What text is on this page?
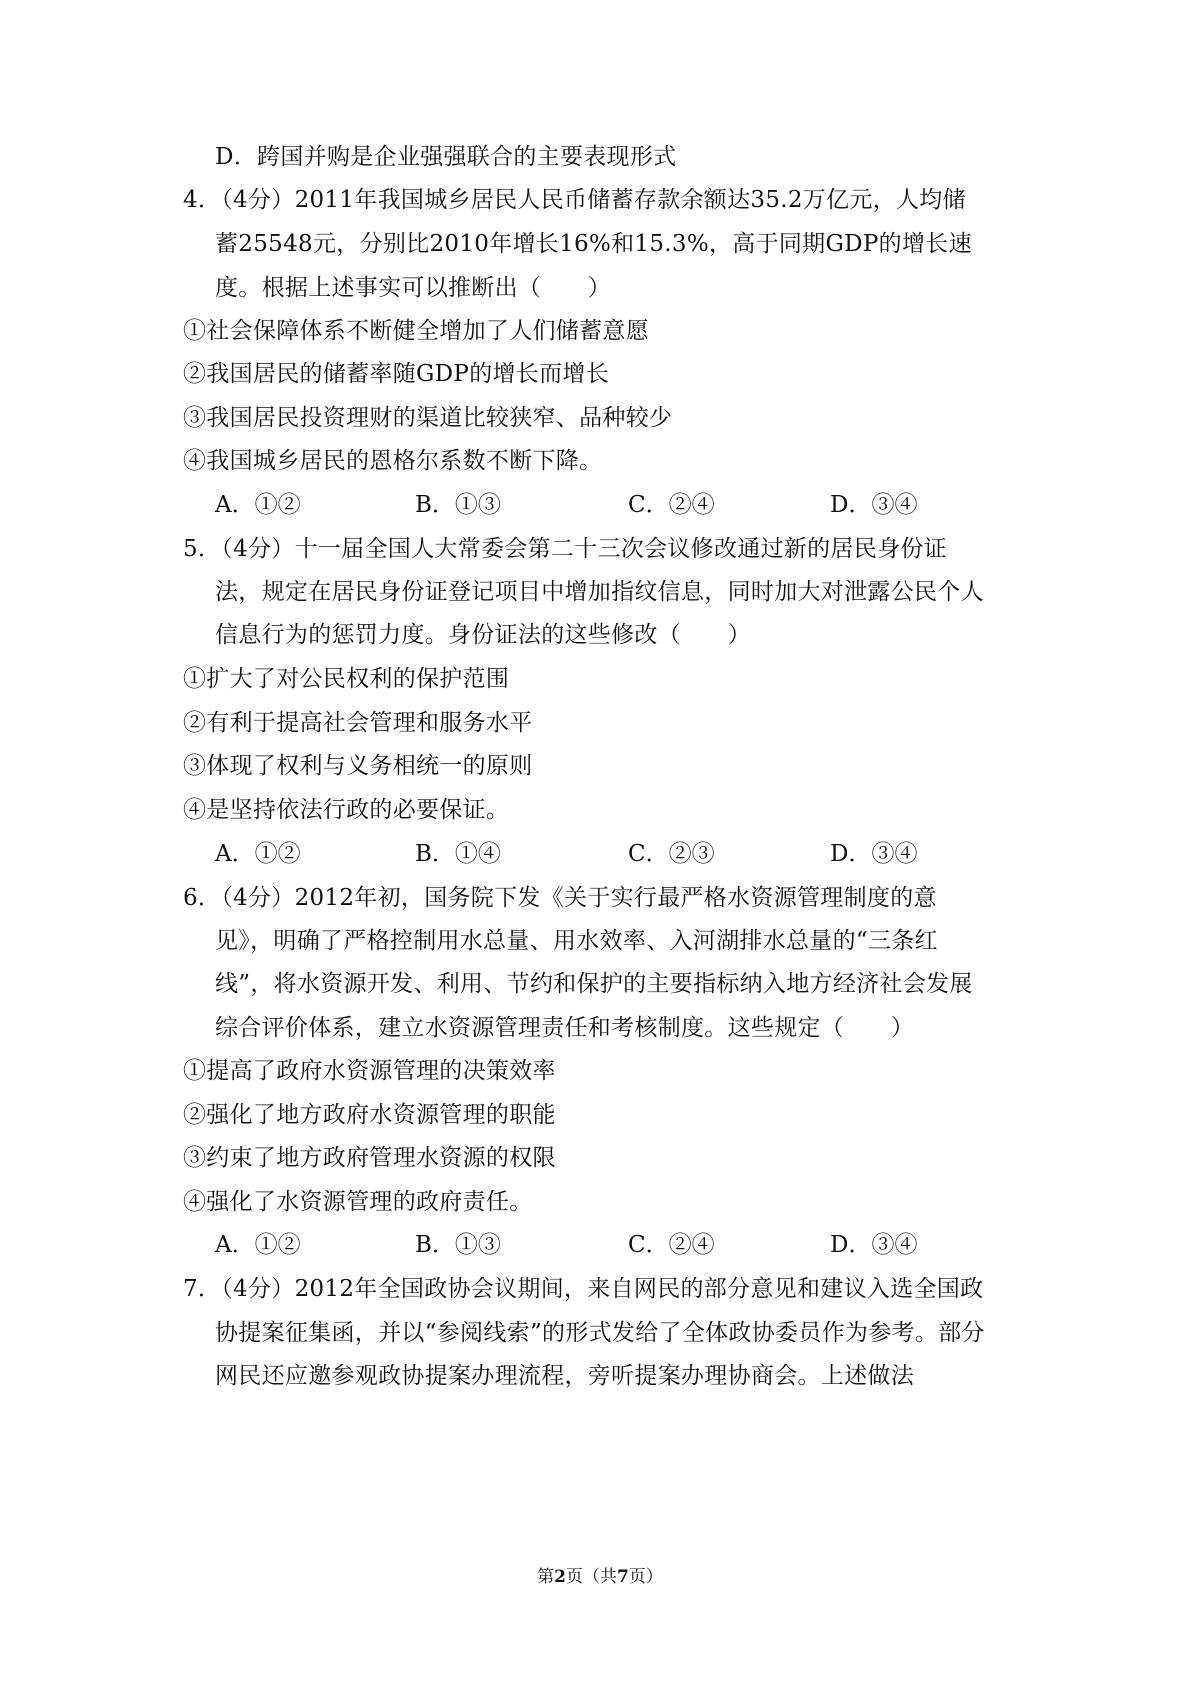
D．跨国并购是企业强强联合的主要表现形式
4．（4分）2011年我国城乡居民人民币储蓄存款余额达35.2万亿元，人均储
蓄25548元，分别比2010年增长16%和15.3%，高于同期GDP的增长速
度。根据上述事实可以推断出（　　）
①社会保障体系不断健全增加了人们储蓄意愿
②我国居民的储蓄率随GDP的增长而增长
③我国居民投资理财的渠道比较狭窄、品种较少
④我国城乡居民的恩格尔系数不断下降。
A．①②	B．①③	C．②④	D．③④
5．（4分）十一届全国人大常委会第二十三次会议修改通过新的居民身份证
法，规定在居民身份证登记项目中增加指纹信息，同时加大对泄露公民个人
信息行为的惩罚力度。身份证法的这些修改（　　）
①扩大了对公民权利的保护范围
②有利于提高社会管理和服务水平
③体现了权利与义务相统一的原则
④是坚持依法行政的必要保证。
A．①②	B．①④	C．②③	D．③④
6．（4分）2012年初，国务院下发《关于实行最严格水资源管理制度的意
见》，明确了严格控制用水总量、用水效率、入河湖排水总量的“三条红
线”，将水资源开发、利用、节约和保护的主要指标纳入地方经济社会发展
综合评价体系，建立水资源管理责任和考核制度。这些规定（　　）
①提高了政府水资源管理的决策效率
②强化了地方政府水资源管理的职能
③约束了地方政府管理水资源的权限
④强化了水资源管理的政府责任。
A．①②	B．①③	C．②④	D．③④
7．（4分）2012年全国政协会议期间，来自网民的部分意见和建议入选全国政
协提案征集函，并以“参阅线索”的形式发给了全体政协委员作为参考。部分
网民还应邀参观政协提案办理流程，旁听提案办理协商会。上述做法
第2页（共7页）
